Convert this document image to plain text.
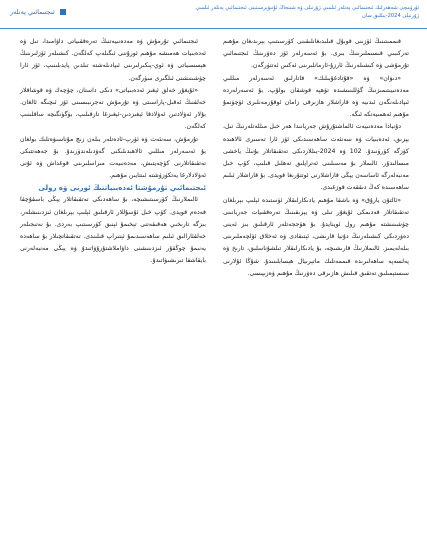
ئىجتىمائىي پەنلەر	ئۈرۈمچى شەھەرلىك ئىجتىمائىي پەنلەر ئىلمىي ژۇرنىلى ۋە شىنجاڭ ئۇنىۋېرسىتېتى ئىجتىمائىي پەنلەر ئىلمىي ژۇرنىلى 2024-يىللىق سان

قىممىتىنىڭ ئۆزىنى قوبۇل قىلىدىغانلىقىنى كۆرسىتىپ بېرىدىغان مۇھىم تەركىبىي قىسىملىرىنىڭ بىرى. بۇ ئەسەرلەر ئۆز دەۋرىنىڭ ئىجتىمائىي تۇرمۇشى ۋە كىشىلەرنىڭ ئارزۇ-ئارمانلىرىنى ئەكس ئەتتۈرگەن.

«دىۋان» ۋە «قۇتادغۇبىلىك» قاتارلىق ئەسەرلەر مىللىي مەدەنىيىتىمىزنىڭ گۈللىنىشىدە تۆھپە قوشقان بولۇپ، بۇ ئەسەرلەردە ئىپادىلەنگەن ئىدىيە ۋە قاراشلار ھازىرقى زامان ئوقۇرمەنلىرى ئۈچۈنمۇ مۇھىم ئەھمىيەتكە ئىگە.

دۇنيادا مەدەنىيەت ئالماشتۇرۇش جەريانىدا ھەر خىل مىللەتلەرنىڭ تىل، يېزىق، ئەدەبىيات ۋە سەنئەت ساھەسىدىكى ئۆز ئارا تەسىرى ئالاھىدە كۆزگە كۆرۈنىدۇ. 102 ۋە 2024-يىللاردىكى تەتقىقاتلار بۇنىڭ ياخشى مىسالىدۇر. ئالىملار بۇ مەسىلىنى ئەتراپلىق تەھلىل قىلىپ، كۆپ خىل مەنبەلەرگە ئاساسەن يېڭى قاراشلارنى ئوتتۇرىغا قويدى. بۇ قاراشلار ئىلىم ساھەسىدە كەڭ دىققەت قوزغىدى.

«ئالتۇن يارۇق» ۋە باشقا مۇھىم يادىكارلىقلار ئۈستىدە ئېلىپ بېرىلغان تەتقىقاتلار قەدىمكى ئۇيغۇر تىلى ۋە يېزىقىنىڭ تەرەققىيات جەريانىنى چۈشىنىشتە مۇھىم رول ئوينايدۇ. بۇ ھۆججەتلەر ئارقىلىق بىز ئەينى دەۋردىكى كىشىلەرنىڭ دۇنيا قارىشى، ئېتىقادى ۋە ئەخلاق ئۆلچەملىرىنى بىلەلەيمىز. ئالىملارنىڭ قارىشىچە، بۇ يادىكارلىقلار تىلشۇناسلىق، تارىخ ۋە پەلسەپە ساھەلىرىدە قىممەتلىك ماتېرىيال ھېسابلىنىدۇ. شۇڭا ئۇلارنى سىستېمىلىق تەتقىق قىلىش ھازىرقى دەۋرنىڭ مۇھىم ۋەزىپىسى.

ئىجتىمائىي تۇرمۇش ۋە مەدەنىيەتنىڭ تەرەققىياتى داۋامىدا، تىل ۋە ئەدەبىيات ھەمىشە مۇھىم ئورۇننى ئىگىلەپ كەلگەن. كىشىلەر ئۆزلىرىنىڭ ھېسسىياتى ۋە ئوي-پىكىرلىرىنى ئىپادىلەشتە تىلدىن پايدىلىنىپ، ئۆز ئارا چۈشىنىشنى ئىلگىرى سۈرگەن.

«ئۇيغۇر خەلق ئېغىز ئەدەبىياتى» دىكى داستان، چۆچەك ۋە قوشاقلار خەلقنىڭ ئەقىل-پاراسىتى ۋە تۇرمۇش تەجرىبىسىنى ئۆز ئىچىگە ئالغان. بۇلار ئەۋلادتىن ئەۋلادقا ئېغىزدىن-ئېغىزغا تارقىلىپ، بۈگۈنگىچە ساقلىنىپ كەلگەن.

تۇرمۇش، سەنئەت ۋە ئۆرپ-ئادەتلەر بىلەن زىچ مۇناسىۋەتلىك بولغان بۇ ئەسەرلەر مىللىي ئالاھىدىلىكنى گەۋدىلەندۈرىدۇ. بۇ جەھەتتىكى تەتقىقاتلارنى كۈچەيتىش، مەدەنىيەت مىراسلىرىنى قوغداش ۋە ئۇنى ئەۋلادلارغا يەتكۈزۈشتە ئىنتايىن مۇھىم.

ئىجتىمائىي تۇرمۇشتا ئەدەبىياتنىڭ ئورنى ۋە رولى

ئالىملارنىڭ كۆرسىتىشىچە، بۇ ساھەدىكى تەتقىقاتلار يېڭى باسقۇچقا قەدەم قويدى. كۆپ خىل ئۇسۇللار ئارقىلىق ئېلىپ بېرىلغان ئىزدىنىشلەر، بىزگە تارىخىي ھەقىقەتنى تېخىمۇ ئېنىق كۆرسىتىپ بەردى. بۇ نەتىجىلەر خەلقئارالىق ئىلىم ساھەسىدىمۇ ئېتىراپ قىلىندى. تەتقىقاتچىلار بۇ ساھەدە يەنىمۇ چوڭقۇر ئىزدىنىشنى داۋاملاشتۇرۇۋاتىدۇ ۋە يېڭى مەنبەلەرنى بايقاشقا تىرىشىۋاتىدۇ.
